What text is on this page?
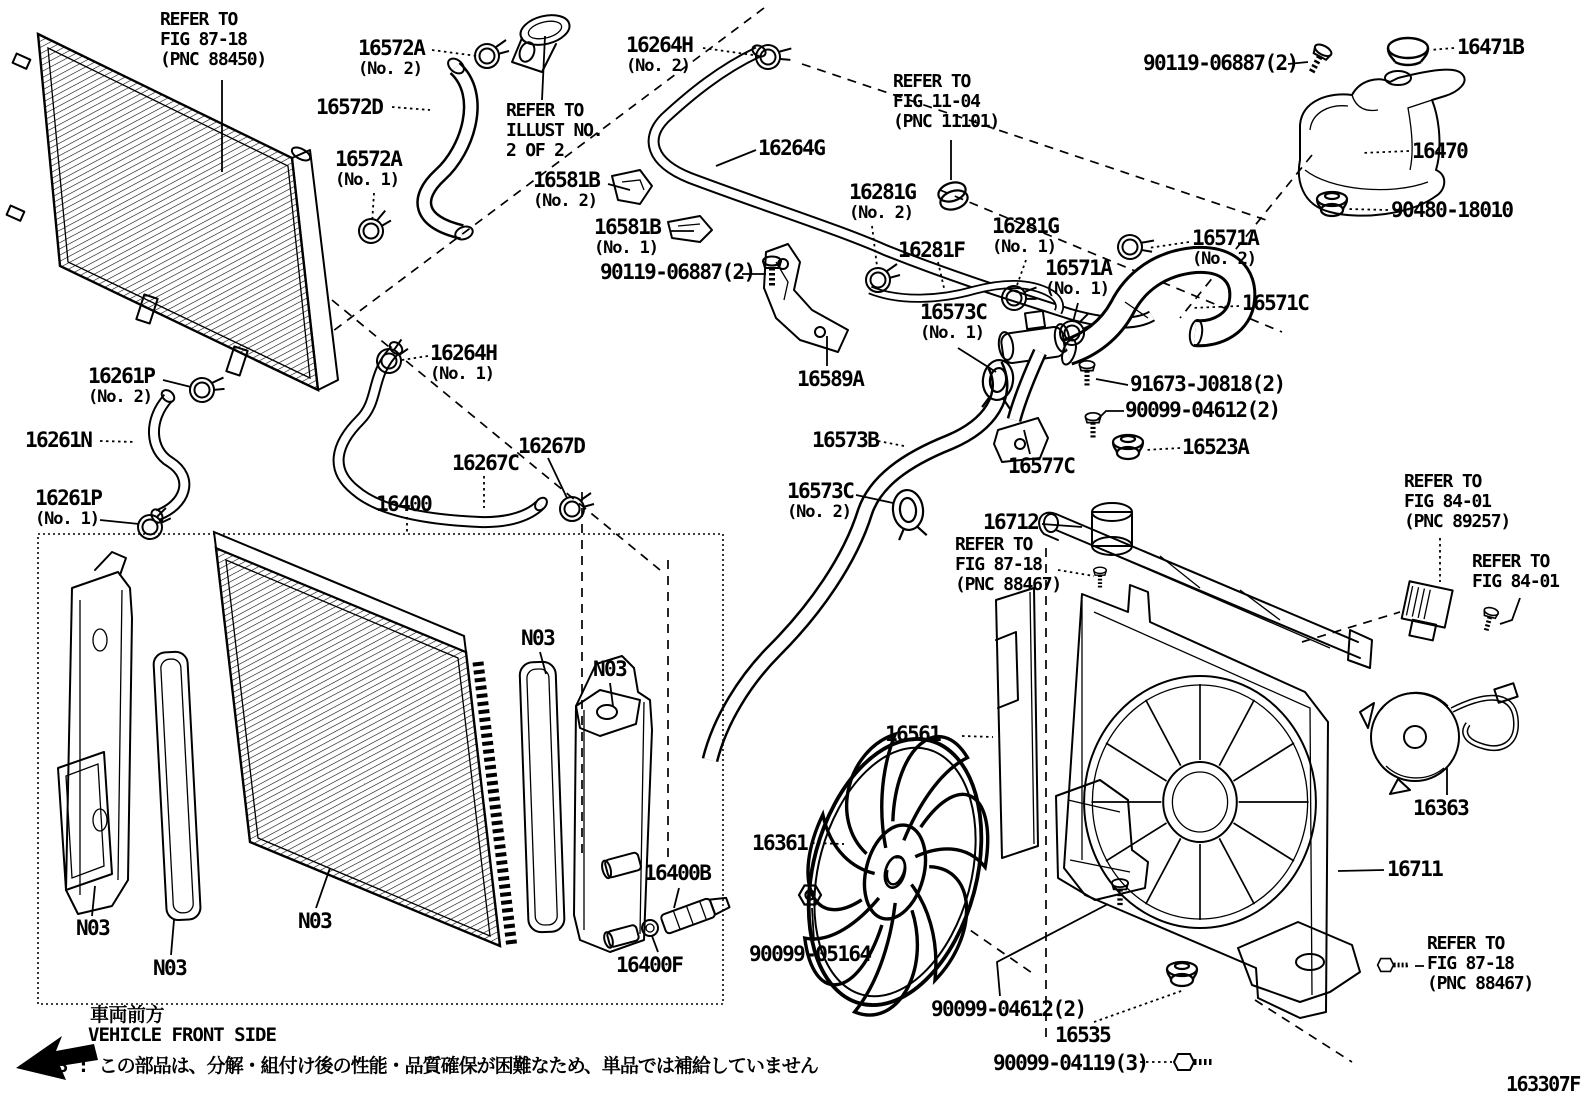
REFER TO
FIG 87-18
(PNC 88450)	16572A
(No. 2)
16572D
16572A
(No. 1)
REFER TO
ILLUST NO.
2 OF 2
16264H
(No. 2)
16581B
(No. 2)
16581B
(No. 1)
16264G
90119-06887(2)
REFER TO
FIG 11-04
(PNC 11101)
16281G
(No. 2)
16281G
(No. 1)
16281F
90119-06887(2)
16471B
16470
90480-18010
16571A
(No. 2)
16571A
(No. 1)
16571C
16573C
(No. 1)
16589A
16264H
(No. 1)
16261P
(No. 2)
16261N
16261P
(No. 1)
16267D
16267C
16400
16573B
16573C
(No. 2)
16577C
91673-J0818(2)
90099-04612(2)
16523A
16712
REFER TO
FIG 87-18
(PNC 88467)
REFER TO
FIG 84-01
(PNC 89257)
REFER TO
FIG 84-01
16561
16361
N03
N03
N03
N03
N03
16400B
16400F	90099-05164
90099-04612(2)
16535
90099-04119(3)
16363
16711
REFER TO
FIG 87-18
(PNC 88467)
車両前方
VEHICLE FRONT SIDE
N03 : この部品は、分解・組付け後の性能・品質確保が困難なため、単品では補給していません
163307F
